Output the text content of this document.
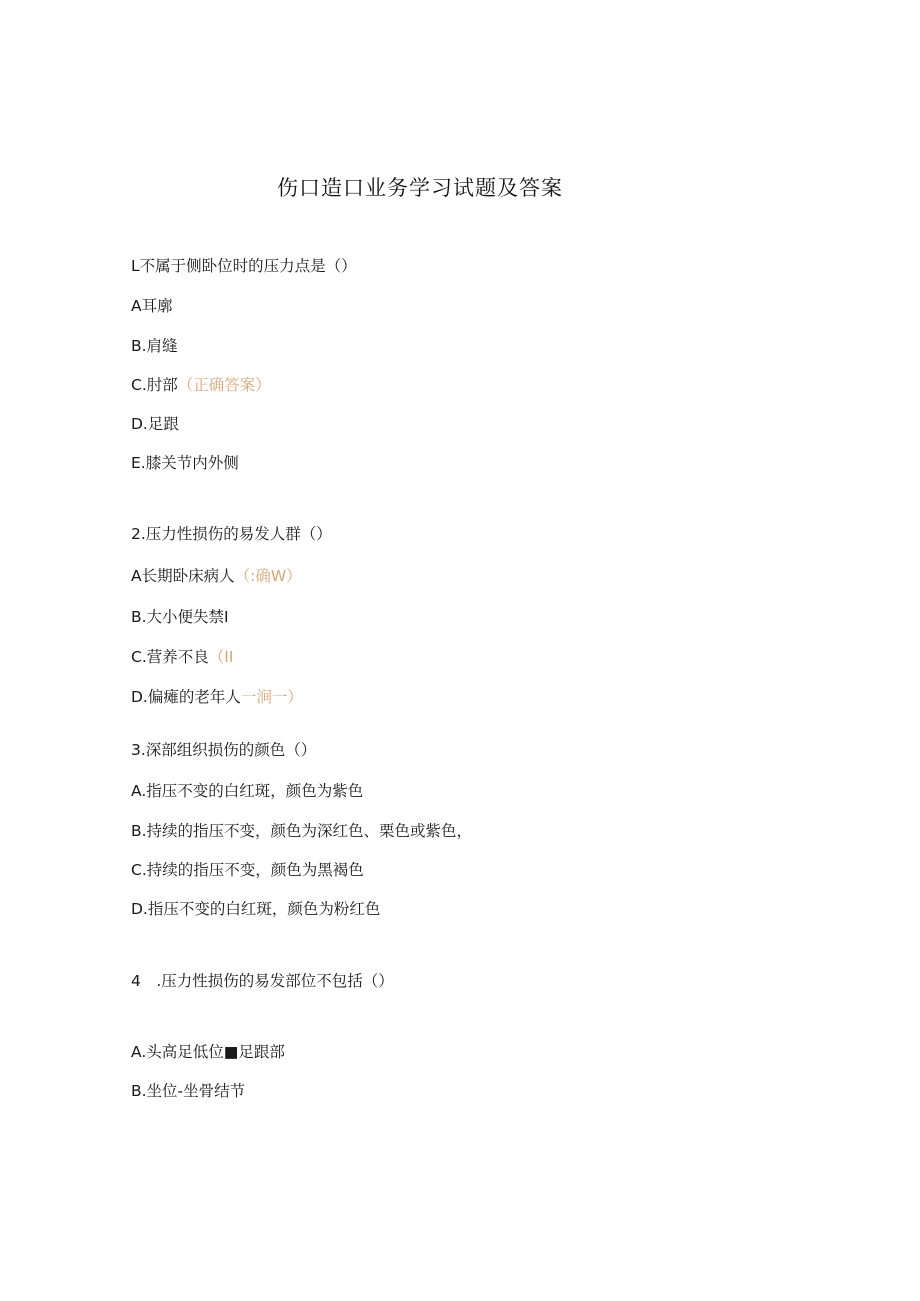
伤口造口业务学习试题及答案
L不属于侧卧位时的压力点是（）
A耳廓
B.肩缝
C.肘部（正确答案）
D.足跟
E.膝关节内外侧
2.压力性损伤的易发人群（）
A长期卧床病人（:确W）
B.大小便失禁I
C.营养不良（II
D.偏瘫的老年人一涧一）
3.深部组织损伤的颜色（）
A.指压不变的白红斑，颜色为紫色
B.持续的指压不变，颜色为深红色、栗色或紫色，
C.持续的指压不变，颜色为黑褐色
D.指压不变的白红斑，颜色为粉红色
4　.压力性损伤的易发部位不包括（）
A.头高足低位■足跟部
B.坐位-坐骨结节
